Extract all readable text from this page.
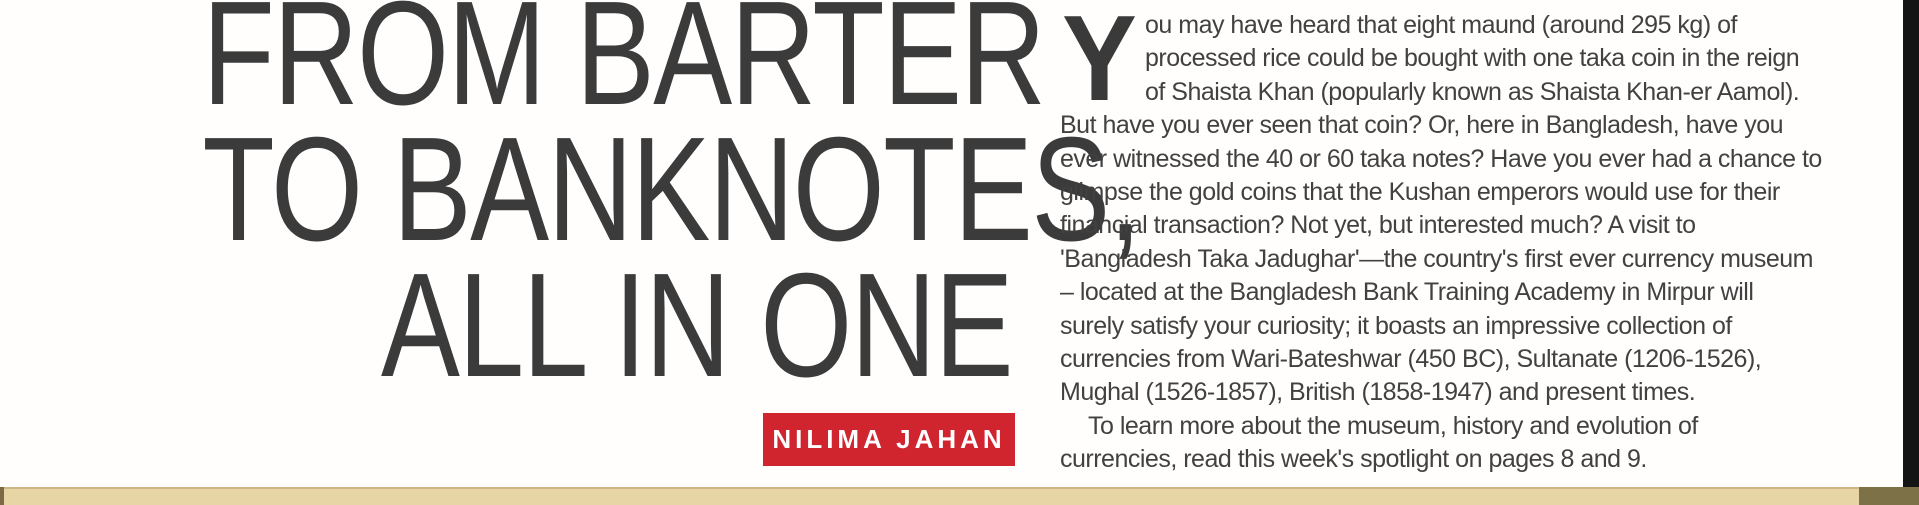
FROM BARTER
TO BANKNOTES,
ALL IN ONE
NILIMA JAHAN
Y ou may have heard that eight maund (around 295 kg) of
processed rice could be bought with one taka coin in the reign
of Shaista Khan (popularly known as Shaista Khan-er Aamol).
But have you ever seen that coin? Or, here in Bangladesh, have you
ever witnessed the 40 or 60 taka notes? Have you ever had a chance to
glimpse the gold coins that the Kushan emperors would use for their
financial transaction? Not yet, but interested much? A visit to
'Bangladesh Taka Jadughar'—the country's first ever currency museum
– located at the Bangladesh Bank Training Academy in Mirpur will
surely satisfy your curiosity; it boasts an impressive collection of
currencies from Wari-Bateshwar (450 BC), Sultanate (1206-1526),
Mughal (1526-1857), British (1858-1947) and present times.
To learn more about the museum, history and evolution of
currencies, read this week's spotlight on pages 8 and 9.
